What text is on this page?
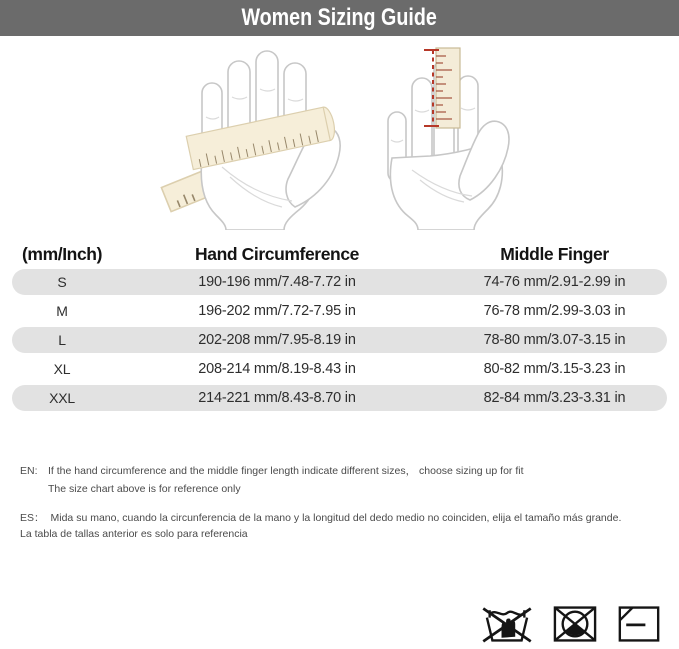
Women Sizing Guide
(mm/Inch)	Hand Circumference	Middle Finger
S	190-196 mm/7.48-7.72 in	74-76 mm/2.91-2.99 in
M	196-202 mm/7.72-7.95 in	76-78 mm/2.99-3.03 in
L	202-208 mm/7.95-8.19 in	78-80 mm/3.07-3.15 in
XL	208-214 mm/8.19-8.43 in	80-82 mm/3.15-3.23 in
XXL	214-221 mm/8.43-8.70 in	82-84 mm/3.23-3.31 in
EN: If the hand circumference and the middle finger length indicate different sizes， choose sizing up for fit
The size chart above is for reference only
ES： Mida su mano, cuando la circunferencia de la mano y la longitud del dedo medio no coinciden, elija el tamaño más grande.
La tabla de tallas anterior es solo para referencia
